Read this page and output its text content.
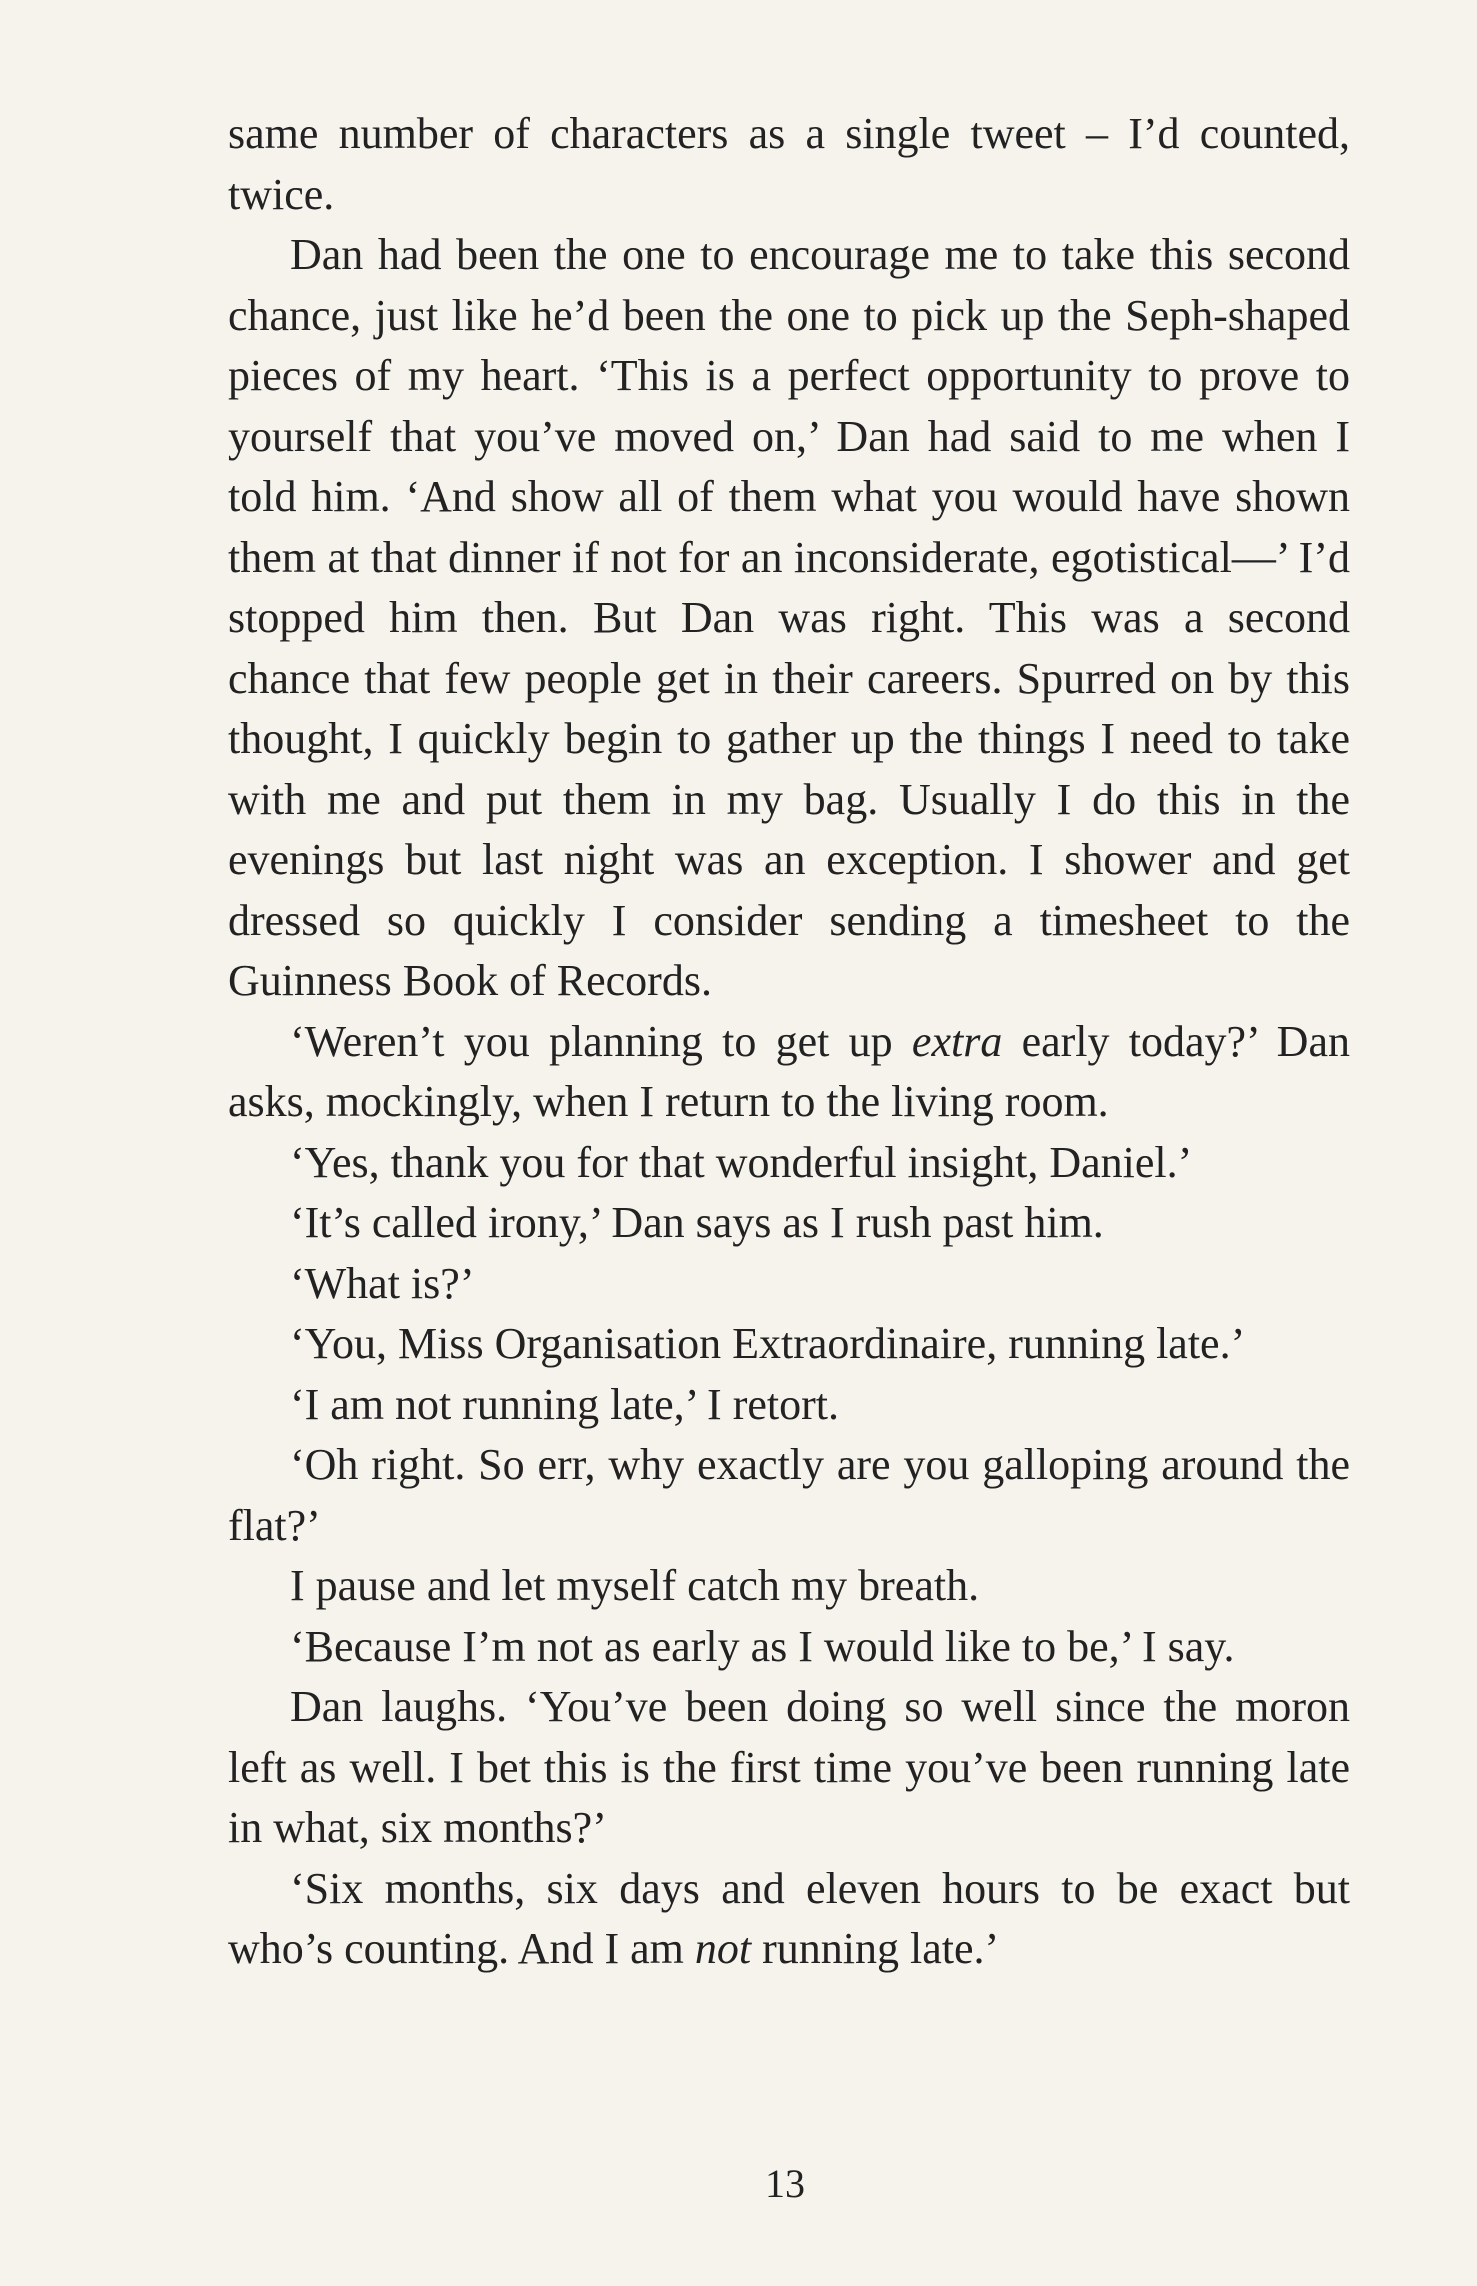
same number of characters as a single tweet – I’d counted, twice.

Dan had been the one to encourage me to take this second chance, just like he’d been the one to pick up the Seph-shaped pieces of my heart. ‘This is a perfect opportunity to prove to yourself that you’ve moved on,’ Dan had said to me when I told him. ‘And show all of them what you would have shown them at that dinner if not for an inconsiderate, egotistical—’ I’d stopped him then. But Dan was right. This was a second chance that few people get in their careers. Spurred on by this thought, I quickly begin to gather up the things I need to take with me and put them in my bag. Usually I do this in the evenings but last night was an exception. I shower and get dressed so quickly I consider sending a timesheet to the Guinness Book of Records.

‘Weren’t you planning to get up extra early today?’ Dan asks, mockingly, when I return to the living room.

‘Yes, thank you for that wonderful insight, Daniel.’

‘It’s called irony,’ Dan says as I rush past him.

‘What is?’

‘You, Miss Organisation Extraordinaire, running late.’

‘I am not running late,’ I retort.

‘Oh right. So err, why exactly are you galloping around the flat?’

I pause and let myself catch my breath.

‘Because I’m not as early as I would like to be,’ I say.

Dan laughs. ‘You’ve been doing so well since the moron left as well. I bet this is the first time you’ve been running late in what, six months?’

‘Six months, six days and eleven hours to be exact but who’s counting. And I am not running late.’

13
